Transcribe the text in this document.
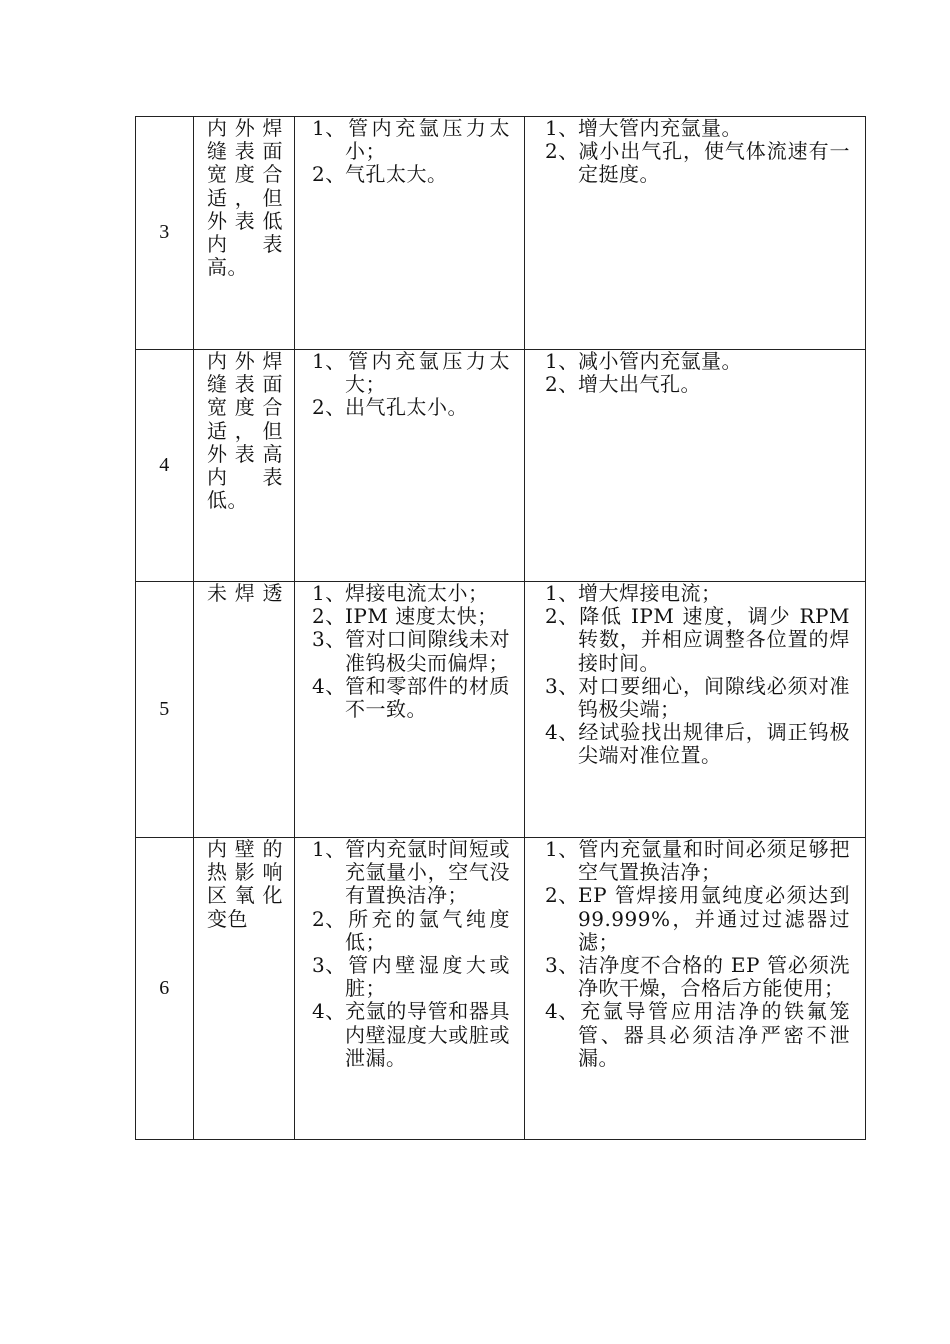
3	内外焊缝表面宽度合适，但外表低内表高。	1、管内充氩压力太小；
2、气孔太大。	1、增大管内充氩量。
2、减小出气孔，使气体流速有一定挺度。

4	内外焊缝表面宽度合适，但外表高内表低。	1、管内充氩压力太大；
2、出气孔太小。	1、减小管内充氩量。
2、增大出气孔。

5	未焊透	1、焊接电流太小；
2、IPM 速度太快；
3、管对口间隙线未对准钨极尖而偏焊；
4、管和零部件的材质不一致。	1、增大焊接电流；
2、降低 IPM 速度，调少 RPM 转数，并相应调整各位置的焊接时间。
3、对口要细心，间隙线必须对准钨极尖端；
4、经试验找出规律后，调正钨极尖端对准位置。

6	内壁的热影响区氧化变色	1、管内充氩时间短或充氩量小，空气没有置换洁净；
2、所充的氩气纯度低；
3、管内壁湿度大或脏；
4、充氩的导管和器具内壁湿度大或脏或泄漏。	1、管内充氩量和时间必须足够把空气置换洁净；
2、EP 管焊接用氩纯度必须达到 99.999%，并通过过滤器过滤；
3、洁净度不合格的 EP 管必须洗净吹干燥，合格后方能使用；
4、充氩导管应用洁净的铁氟笼管、器具必须洁净严密不泄漏。
